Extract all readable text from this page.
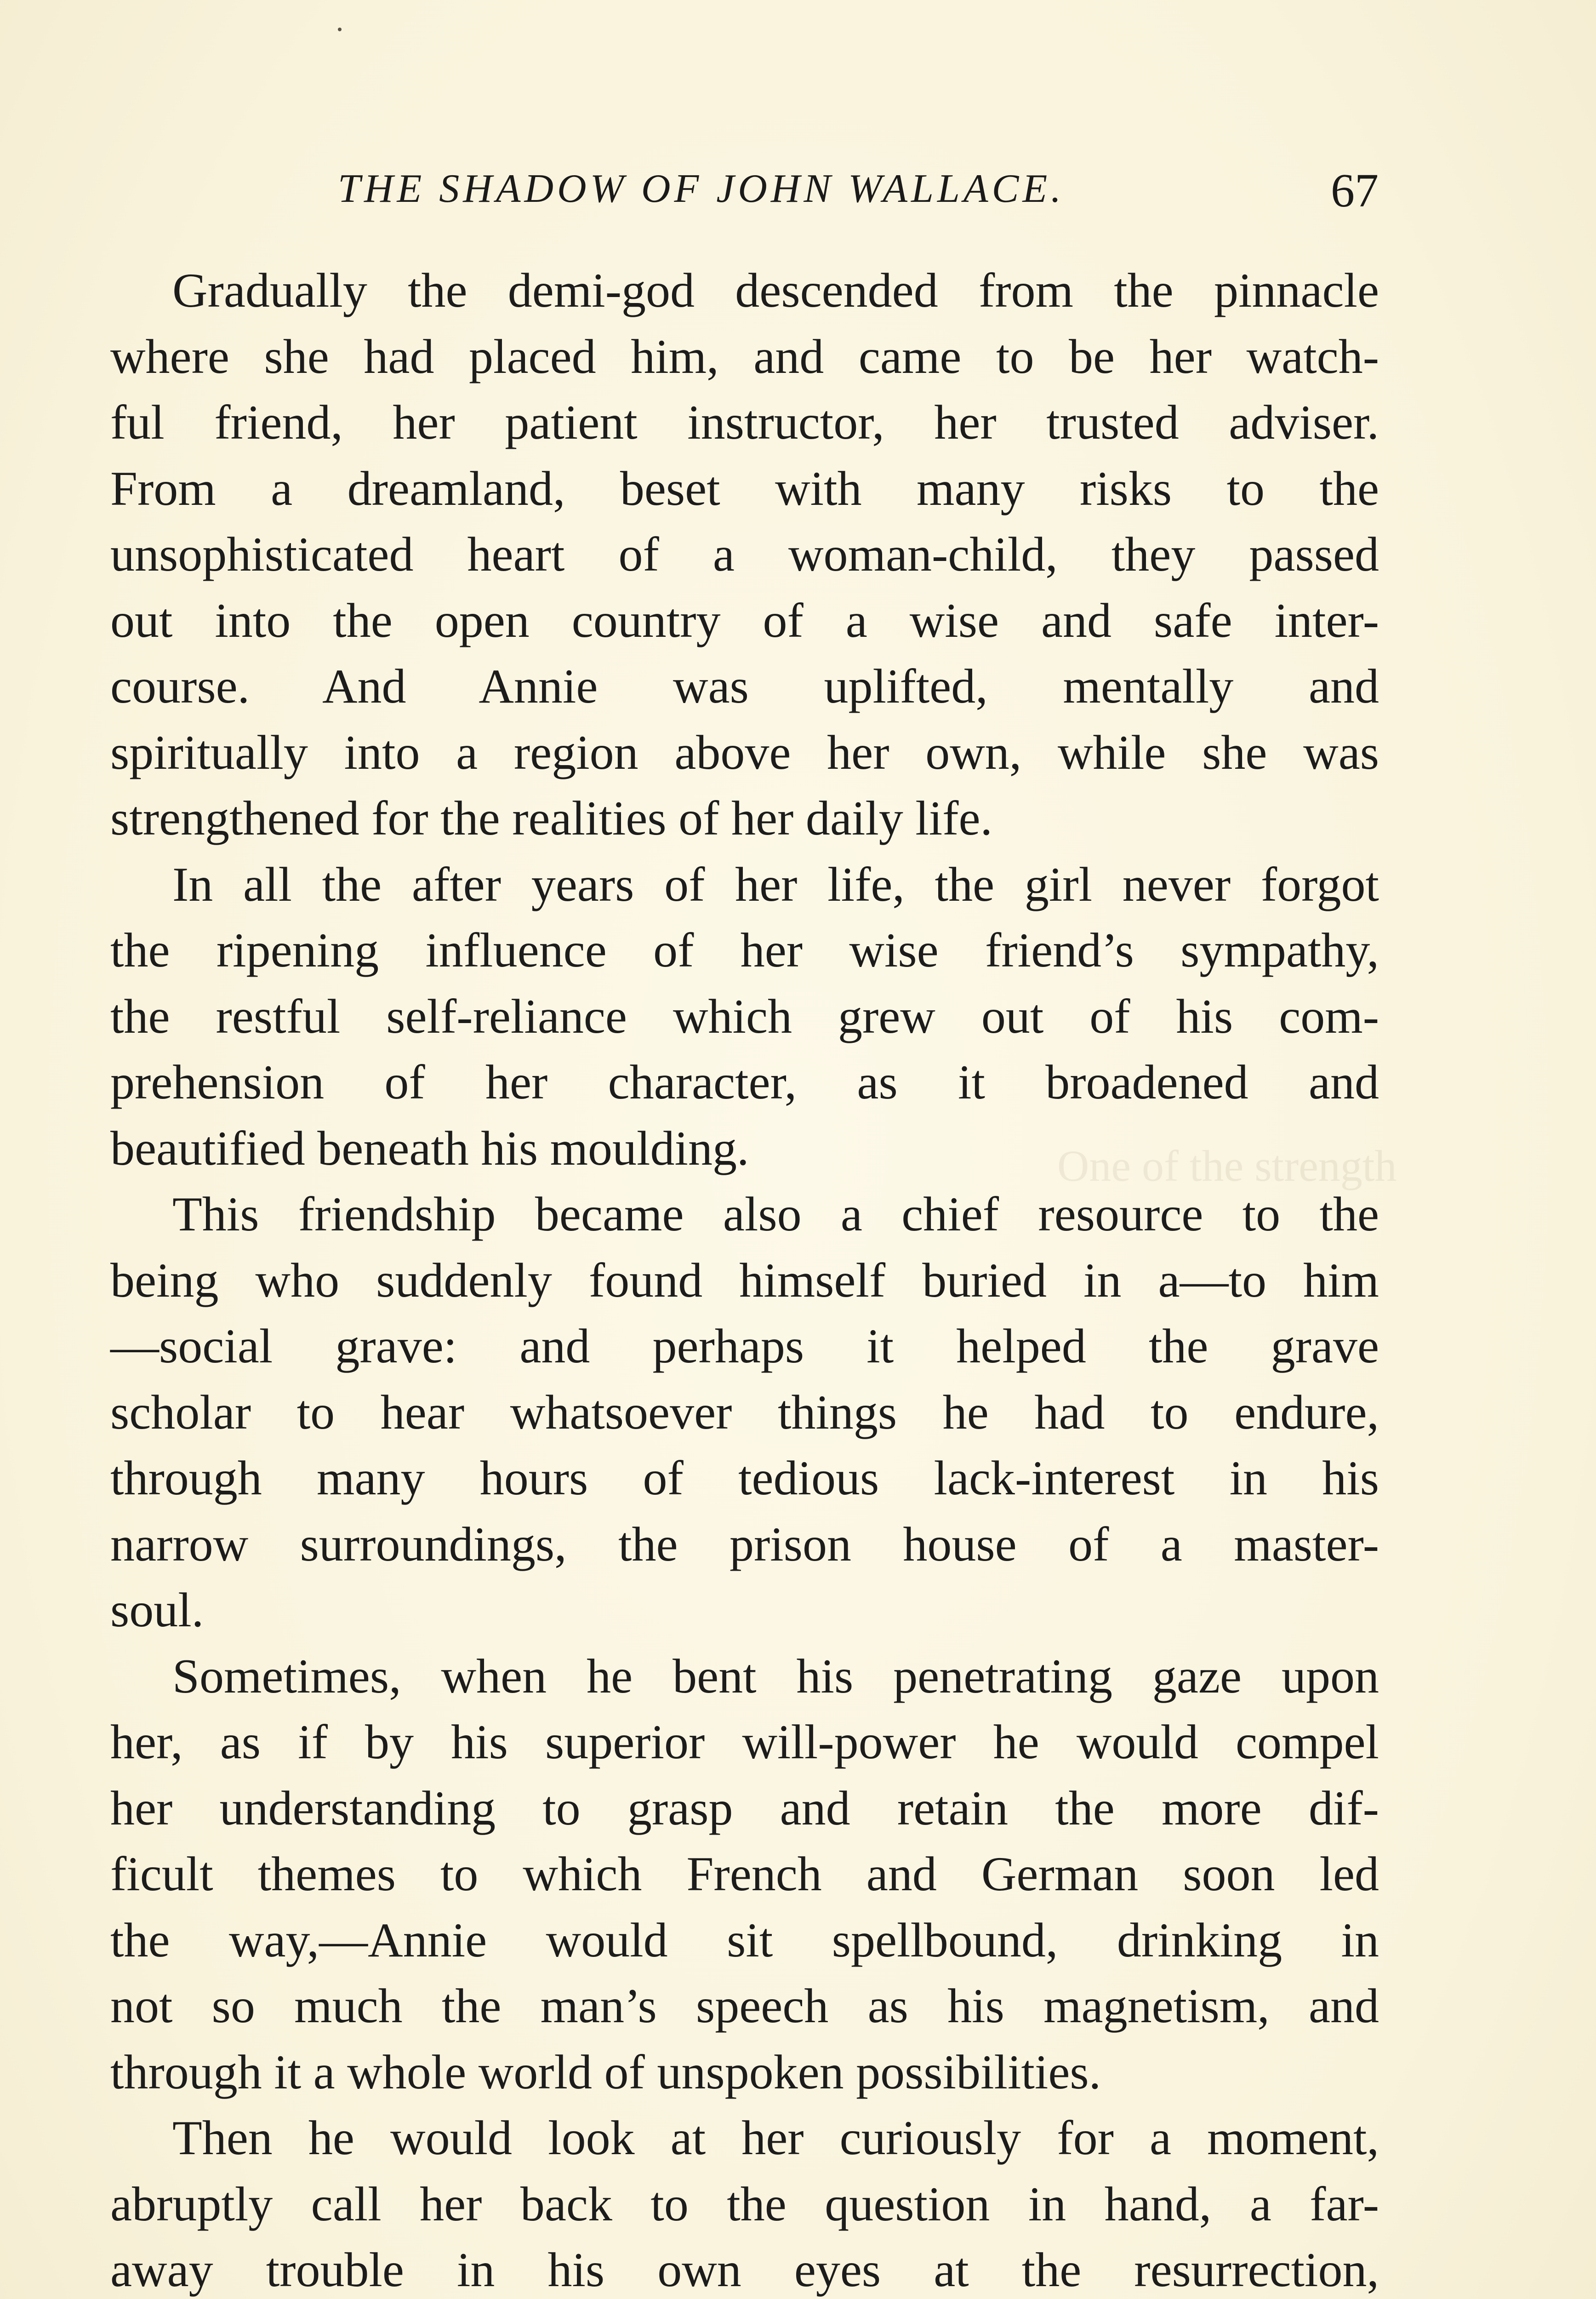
THE SHADOW OF JOHN WALLACE.	67
One of the strength
Gradually the demi-god descended from the pinnacle
where she had placed him, and came to be her watch-
ful friend, her patient instructor, her trusted adviser.
From a dreamland, beset with many risks to the
unsophisticated heart of a woman-child, they passed
out into the open country of a wise and safe inter-
course. And Annie was uplifted, mentally and
spiritually into a region above her own, while she was
strengthened for the realities of her daily life.
In all the after years of her life, the girl never forgot
the ripening influence of her wise friend’s sympathy,
the restful self-reliance which grew out of his com-
prehension of her character, as it broadened and
beautified beneath his moulding.
This friendship became also a chief resource to the
being who suddenly found himself buried in a—to him
—social grave: and perhaps it helped the grave
scholar to hear whatsoever things he had to endure,
through many hours of tedious lack-interest in his
narrow surroundings, the prison house of a master-
soul.
Sometimes, when he bent his penetrating gaze upon
her, as if by his superior will-power he would compel
her understanding to grasp and retain the more dif-
ficult themes to which French and German soon led
the way,—Annie would sit spellbound, drinking in
not so much the man’s speech as his magnetism, and
through it a whole world of unspoken possibilities.
Then he would look at her curiously for a moment,
abruptly call her back to the question in hand, a far-
away trouble in his own eyes at the resurrection,
